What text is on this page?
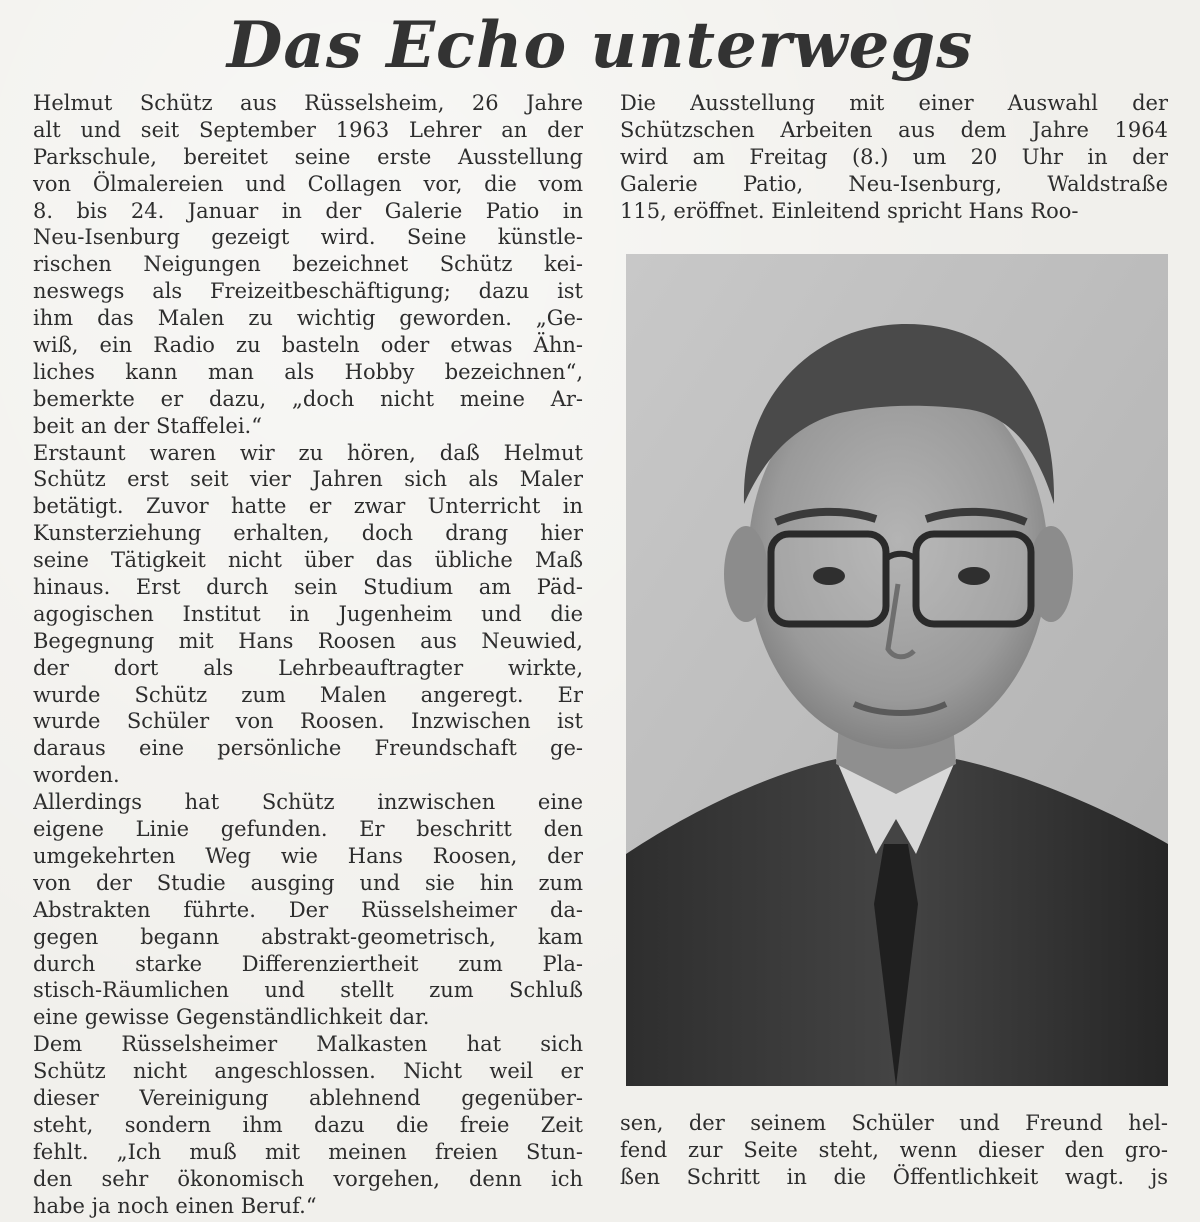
Das Echo unterwegs
Helmut Schütz aus Rüsselsheim, 26 Jahre
alt und seit September 1963 Lehrer an der
Parkschule, bereitet seine erste Ausstellung
von Ölmalereien und Collagen vor, die vom
8. bis 24. Januar in der Galerie Patio in
Neu-Isenburg gezeigt wird. Seine künstle-
rischen Neigungen bezeichnet Schütz kei-
neswegs als Freizeitbeschäftigung; dazu ist
ihm das Malen zu wichtig geworden. „Ge-
wiß, ein Radio zu basteln oder etwas Ähn-
liches kann man als Hobby bezeichnen“,
bemerkte er dazu, „doch nicht meine Ar-
beit an der Staffelei.“
Erstaunt waren wir zu hören, daß Helmut
Schütz erst seit vier Jahren sich als Maler
betätigt. Zuvor hatte er zwar Unterricht in
Kunsterziehung erhalten, doch drang hier
seine Tätigkeit nicht über das übliche Maß
hinaus. Erst durch sein Studium am Päd-
agogischen Institut in Jugenheim und die
Begegnung mit Hans Roosen aus Neuwied,
der dort als Lehrbeauftragter wirkte,
wurde Schütz zum Malen angeregt. Er
wurde Schüler von Roosen. Inzwischen ist
daraus eine persönliche Freundschaft ge-
worden.
Allerdings hat Schütz inzwischen eine
eigene Linie gefunden. Er beschritt den
umgekehrten Weg wie Hans Roosen, der
von der Studie ausging und sie hin zum
Abstrakten führte. Der Rüsselsheimer da-
gegen begann abstrakt-geometrisch, kam
durch starke Differenziertheit zum Pla-
stisch-Räumlichen und stellt zum Schluß
eine gewisse Gegenständlichkeit dar.
Dem Rüsselsheimer Malkasten hat sich
Schütz nicht angeschlossen. Nicht weil er
dieser Vereinigung ablehnend gegenüber-
steht, sondern ihm dazu die freie Zeit
fehlt. „Ich muß mit meinen freien Stun-
den sehr ökonomisch vorgehen, denn ich
habe ja noch einen Beruf.“
Die Ausstellung mit einer Auswahl der
Schützschen Arbeiten aus dem Jahre 1964
wird am Freitag (8.) um 20 Uhr in der
Galerie Patio, Neu-Isenburg, Waldstraße
115, eröffnet. Einleitend spricht Hans Roo-
sen, der seinem Schüler und Freund hel-
fend zur Seite steht, wenn dieser den gro-
ßen Schritt in die Öffentlichkeit wagt. js
